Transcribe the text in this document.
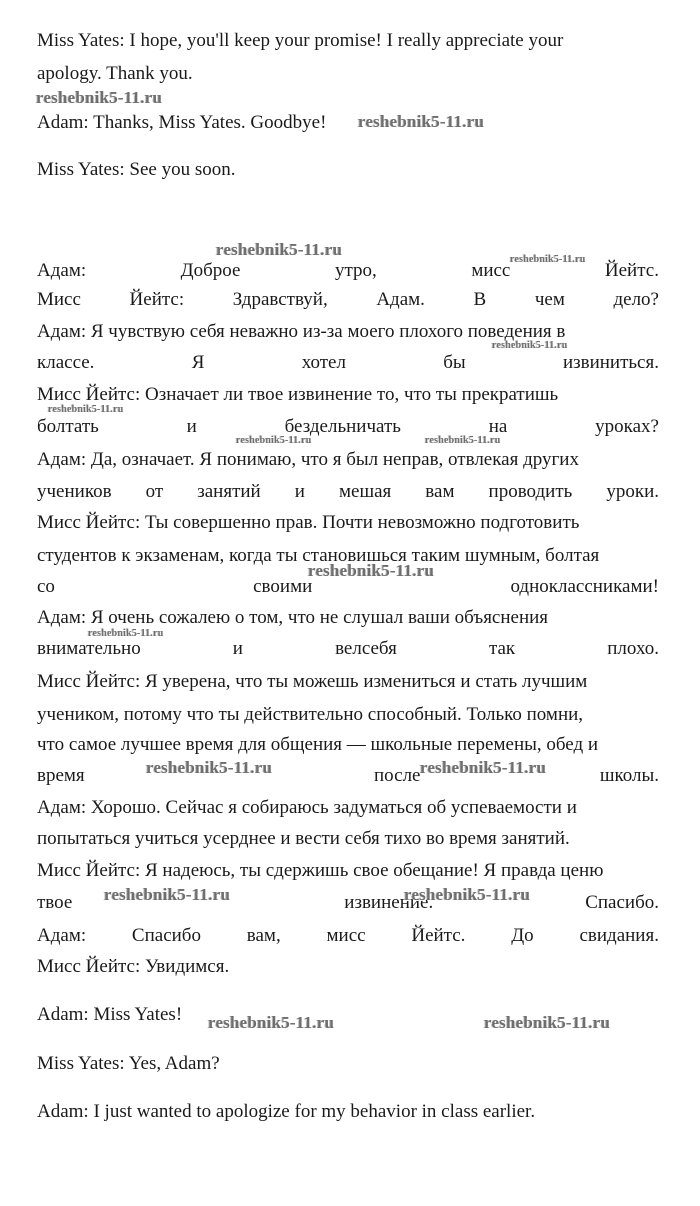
Miss Yates: I hope, you'll keep your promise! I really appreciate your
apology. Thank you.
Adam: Thanks, Miss Yates. Goodbye!
Miss Yates: See you soon.
Адам:	Доброе	утро,	мисс	Йейтс.
Мисс	Йейтс:	Здравствуй,	Адам.	В	чем	дело?
Адам: Я чувствую себя неважно из-за моего плохого поведения в
классе.	Я	хотел	бы	извиниться.
Мисс Йейтс: Означает ли твое извинение то, что ты прекратишь
болтать	и	бездельничать	на	уроках?
Адам: Да, означает. Я понимаю, что я был неправ, отвлекая других
учеников от занятий и мешая вам проводить уроки.
Мисс Йейтс: Ты совершенно прав. Почти невозможно подготовить
студентов к экзаменам, когда ты становишься таким шумным, болтая
со	своими	одноклассниками!
Адам: Я очень сожалею о том, что не слушал ваши объяснения
внимательно	и	велсебя	так	плохо.
Мисс Йейтс: Я уверена, что ты можешь измениться и стать лучшим
учеником, потому что ты действительно способный. Только помни,
что самое лучшее время для общения — школьные перемены, обед и
время	после	школы.
Адам: Хорошо. Сейчас я собираюсь задуматься об успеваемости и
попытаться учиться усерднее и вести себя тихо во время занятий.
Мисс Йейтс: Я надеюсь, ты сдержишь свое обещание! Я правда ценю
твое	извинение.	Спасибо.
Адам: Спасибо вам, мисс Йейтс. До свидания.
Мисс Йейтс: Увидимся.
Adam: Miss Yates!
Miss Yates: Yes, Adam?
Adam: I just wanted to apologize for my behavior in class earlier.
reshebnik5-11.ru
reshebnik5-11.ru
reshebnik5-11.ru
reshebnik5-11.ru
reshebnik5-11.ru
reshebnik5-11.ru
reshebnik5-11.ru	reshebnik5-11.ru
reshebnik5-11.ru
reshebnik5-11.ru
reshebnik5-11.ru	reshebnik5-11.ru
reshebnik5-11.ru	reshebnik5-11.ru
reshebnik5-11.ru	reshebnik5-11.ru
